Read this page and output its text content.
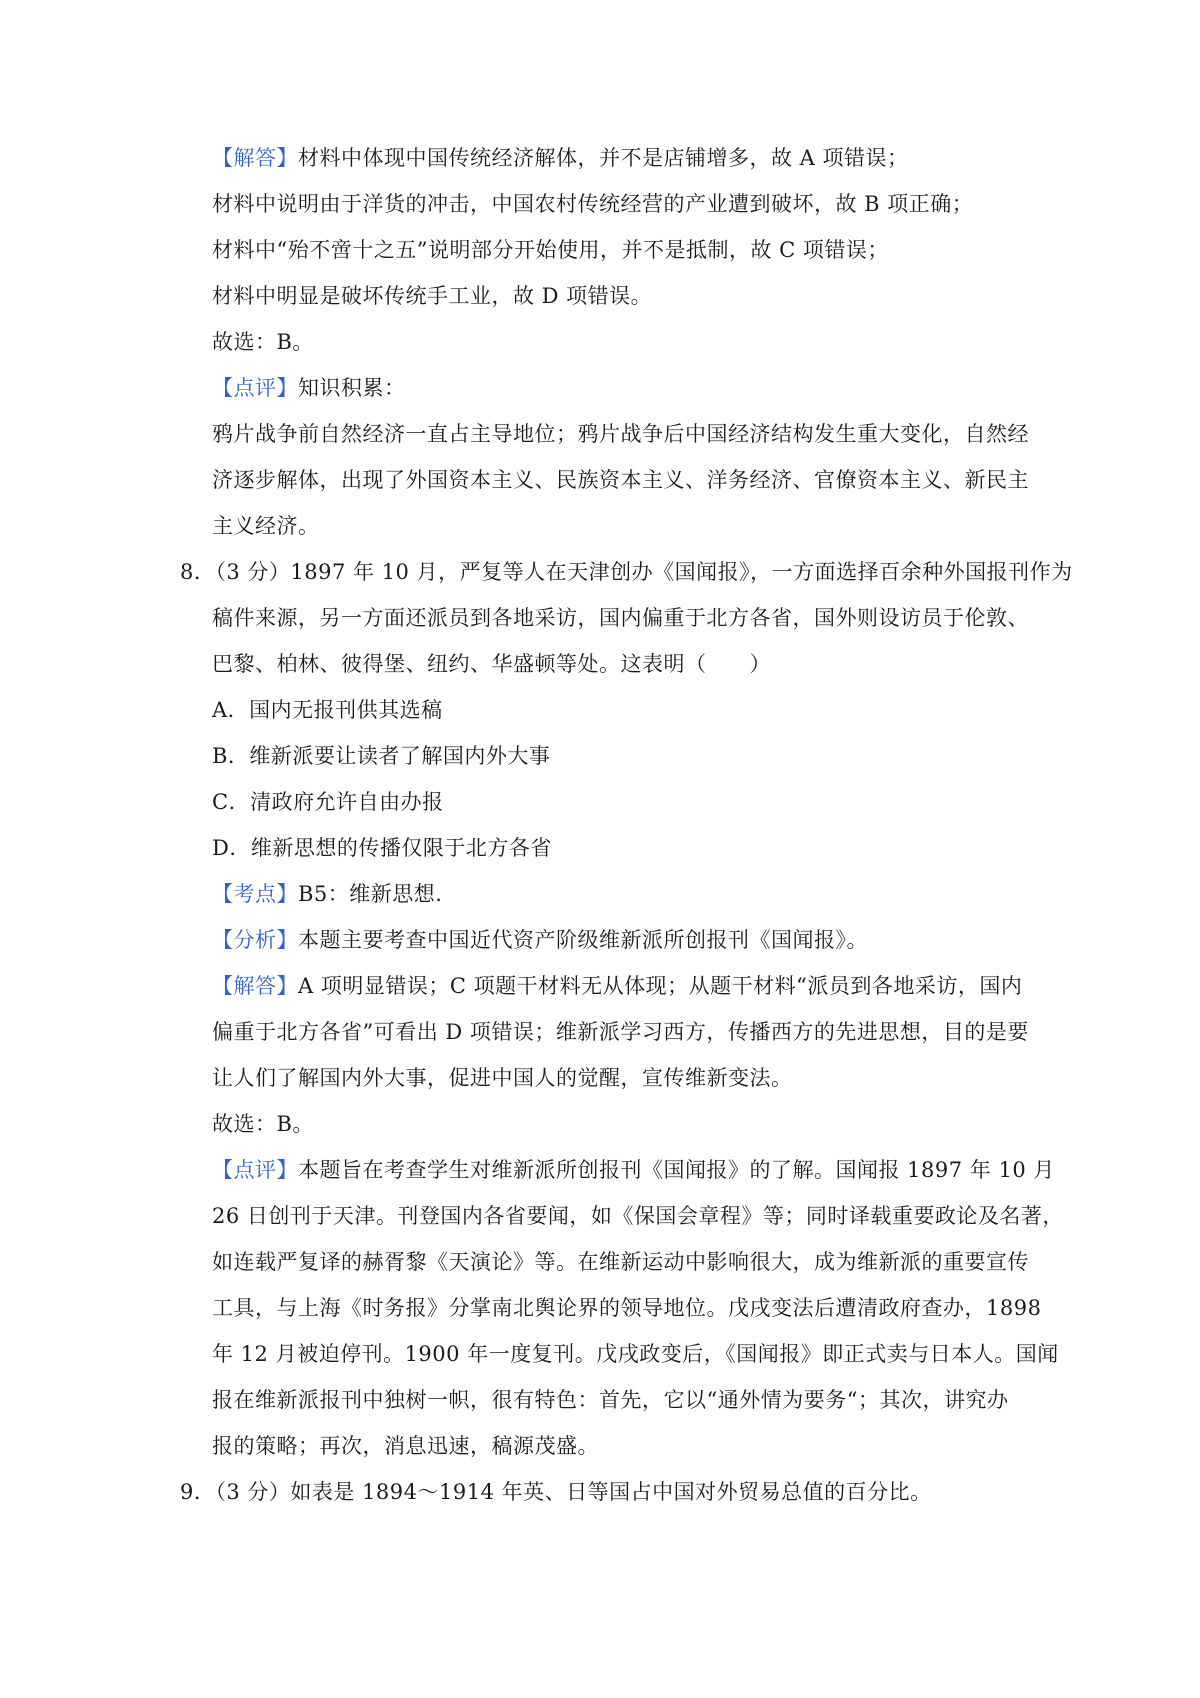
【解答】材料中体现中国传统经济解体，并不是店铺增多，故 A 项错误；
材料中说明由于洋货的冲击，中国农村传统经营的产业遭到破坏，故 B 项正确；
材料中“殆不啻十之五”说明部分开始使用，并不是抵制，故 C 项错误；
材料中明显是破坏传统手工业，故 D 项错误。
故选：B。
【点评】知识积累：
鸦片战争前自然经济一直占主导地位；鸦片战争后中国经济结构发生重大变化，自然经
济逐步解体，出现了外国资本主义、民族资本主义、洋务经济、官僚资本主义、新民主
主义经济。
8．（3 分）1897 年 10 月，严复等人在天津创办《国闻报》，一方面选择百余种外国报刊作为
稿件来源，另一方面还派员到各地采访，国内偏重于北方各省，国外则设访员于伦敦、
巴黎、柏林、彼得堡、纽约、华盛顿等处。这表明（　　）
A．国内无报刊供其选稿
B．维新派要让读者了解国内外大事
C．清政府允许自由办报
D．维新思想的传播仅限于北方各省
【考点】B5：维新思想.
【分析】本题主要考查中国近代资产阶级维新派所创报刊《国闻报》。
【解答】A 项明显错误；C 项题干材料无从体现；从题干材料“派员到各地采访，国内
偏重于北方各省”可看出 D 项错误；维新派学习西方，传播西方的先进思想，目的是要
让人们了解国内外大事，促进中国人的觉醒，宣传维新变法。
故选：B。
【点评】本题旨在考查学生对维新派所创报刊《国闻报》的了解。国闻报 1897 年 10 月
26 日创刊于天津。刊登国内各省要闻，如《保国会章程》等；同时译载重要政论及名著，
如连载严复译的赫胥黎《天演论》等。在维新运动中影响很大，成为维新派的重要宣传
工具，与上海《时务报》分掌南北舆论界的领导地位。戊戌变法后遭清政府查办，1898
年 12 月被迫停刊。1900 年一度复刊。戊戌政变后，《国闻报》即正式卖与日本人。国闻
报在维新派报刊中独树一帜，很有特色：首先，它以“通外情为要务“；其次，讲究办
报的策略；再次，消息迅速，稿源茂盛。
9．（3 分）如表是 1894～1914 年英、日等国占中国对外贸易总值的百分比。
